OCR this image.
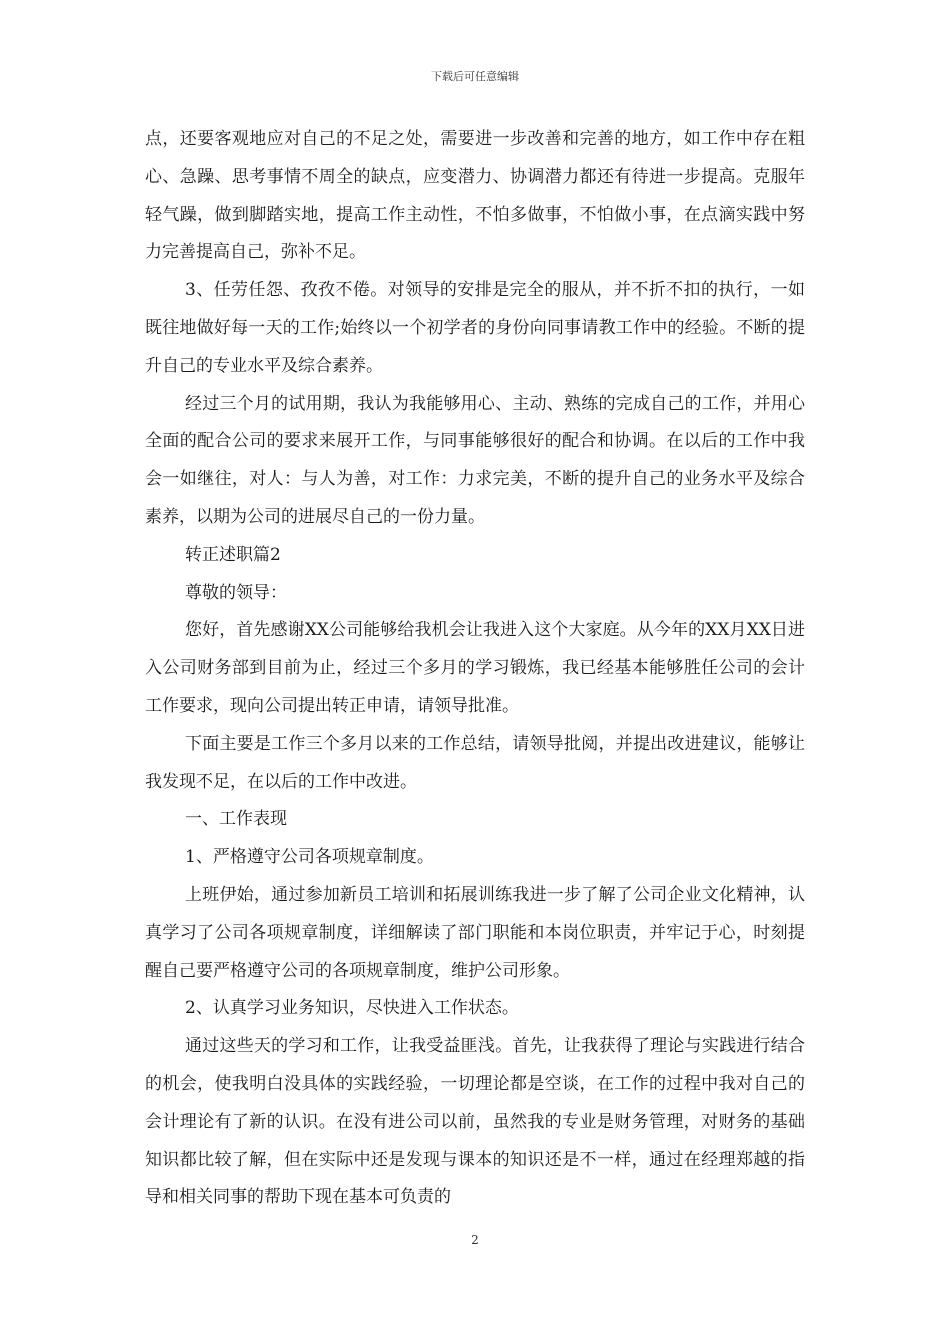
下载后可任意编辑

点，还要客观地应对自己的不足之处，需要进一步改善和完善的地方，如工作中存在粗心、急躁、思考事情不周全的缺点，应变潜力、协调潜力都还有待进一步提高。克服年轻气躁，做到脚踏实地，提高工作主动性，不怕多做事，不怕做小事，在点滴实践中努力完善提高自己，弥补不足。

3、任劳任怨、孜孜不倦。对领导的安排是完全的服从，并不折不扣的执行，一如既往地做好每一天的工作;始终以一个初学者的身份向同事请教工作中的经验。不断的提升自己的专业水平及综合素养。

经过三个月的试用期，我认为我能够用心、主动、熟练的完成自己的工作，并用心全面的配合公司的要求来展开工作，与同事能够很好的配合和协调。在以后的工作中我会一如继往，对人：与人为善，对工作：力求完美，不断的提升自己的业务水平及综合素养，以期为公司的进展尽自己的一份力量。

转正述职篇2

尊敬的领导：

您好，首先感谢XX公司能够给我机会让我进入这个大家庭。从今年的XX月XX日进入公司财务部到目前为止，经过三个多月的学习锻炼，我已经基本能够胜任公司的会计工作要求，现向公司提出转正申请，请领导批准。

下面主要是工作三个多月以来的工作总结，请领导批阅，并提出改进建议，能够让我发现不足，在以后的工作中改进。

一、工作表现

1、严格遵守公司各项规章制度。

上班伊始，通过参加新员工培训和拓展训练我进一步了解了公司企业文化精神，认真学习了公司各项规章制度，详细解读了部门职能和本岗位职责，并牢记于心，时刻提醒自己要严格遵守公司的各项规章制度，维护公司形象。

2、认真学习业务知识，尽快进入工作状态。

通过这些天的学习和工作，让我受益匪浅。首先，让我获得了理论与实践进行结合的机会，使我明白没具体的实践经验，一切理论都是空谈，在工作的过程中我对自己的会计理论有了新的认识。在没有进公司以前，虽然我的专业是财务管理，对财务的基础知识都比较了解，但在实际中还是发现与课本的知识还是不一样，通过在经理郑越的指导和相关同事的帮助下现在基本可负责的

2
